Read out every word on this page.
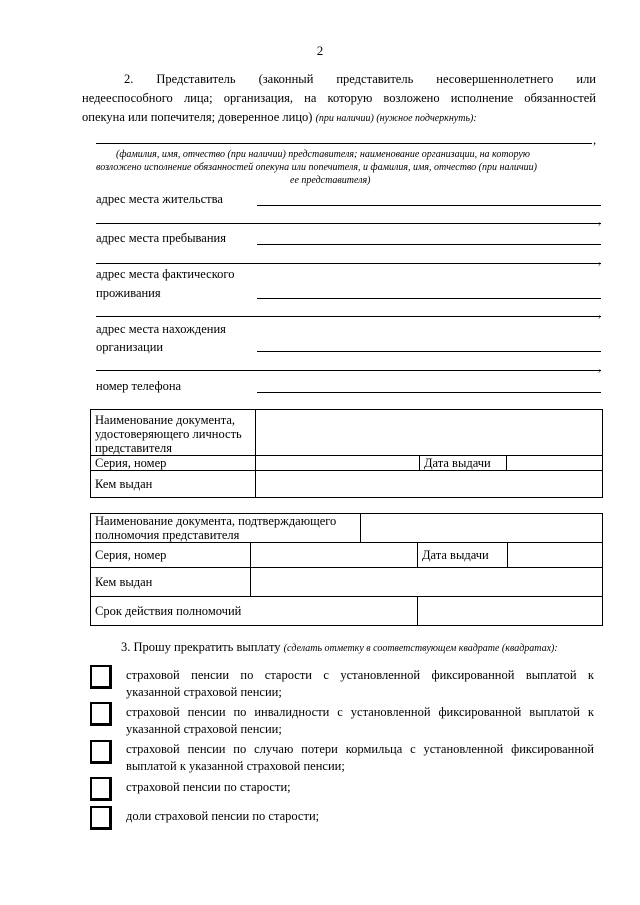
2
2. Представитель (законный представитель несовершеннолетнего или
недееспособного лица; организация, на которую возложено исполнение обязанностей
опекуна или попечителя; доверенное лицо) (при наличии) (нужное подчеркнуть):
,
(фамилия, имя, отчество (при наличии) представителя; наименование организации, на которую
возложено исполнение обязанностей опекуна или попечителя, и фамилия, имя, отчество (при наличии)
ее представителя)
адрес места жительства
,
адрес места пребывания
,
адрес места фактического
проживания
,
адрес места нахождения
организации
,
номер телефона
Наименование документа,
удостоверяющего личность
представителя			

Серия, номер		Дата выдачи	
Кем выдан			
Наименование документа, подтверждающего
полномочия представителя				

Серия, номер			Дата выдачи	
Кем выдан				
Срок действия полномочий				
3. Прошу прекратить выплату (сделать отметку в соответствующем квадрате (квадратах):
страховой пенсии по старости с установленной фиксированной выплатой к
указанной страховой пенсии;
страховой пенсии по инвалидности с установленной фиксированной выплатой к
указанной страховой пенсии;
страховой пенсии по случаю потери кормильца с установленной фиксированной
выплатой к указанной страховой пенсии;
страховой пенсии по старости;
доли страховой пенсии по старости;
